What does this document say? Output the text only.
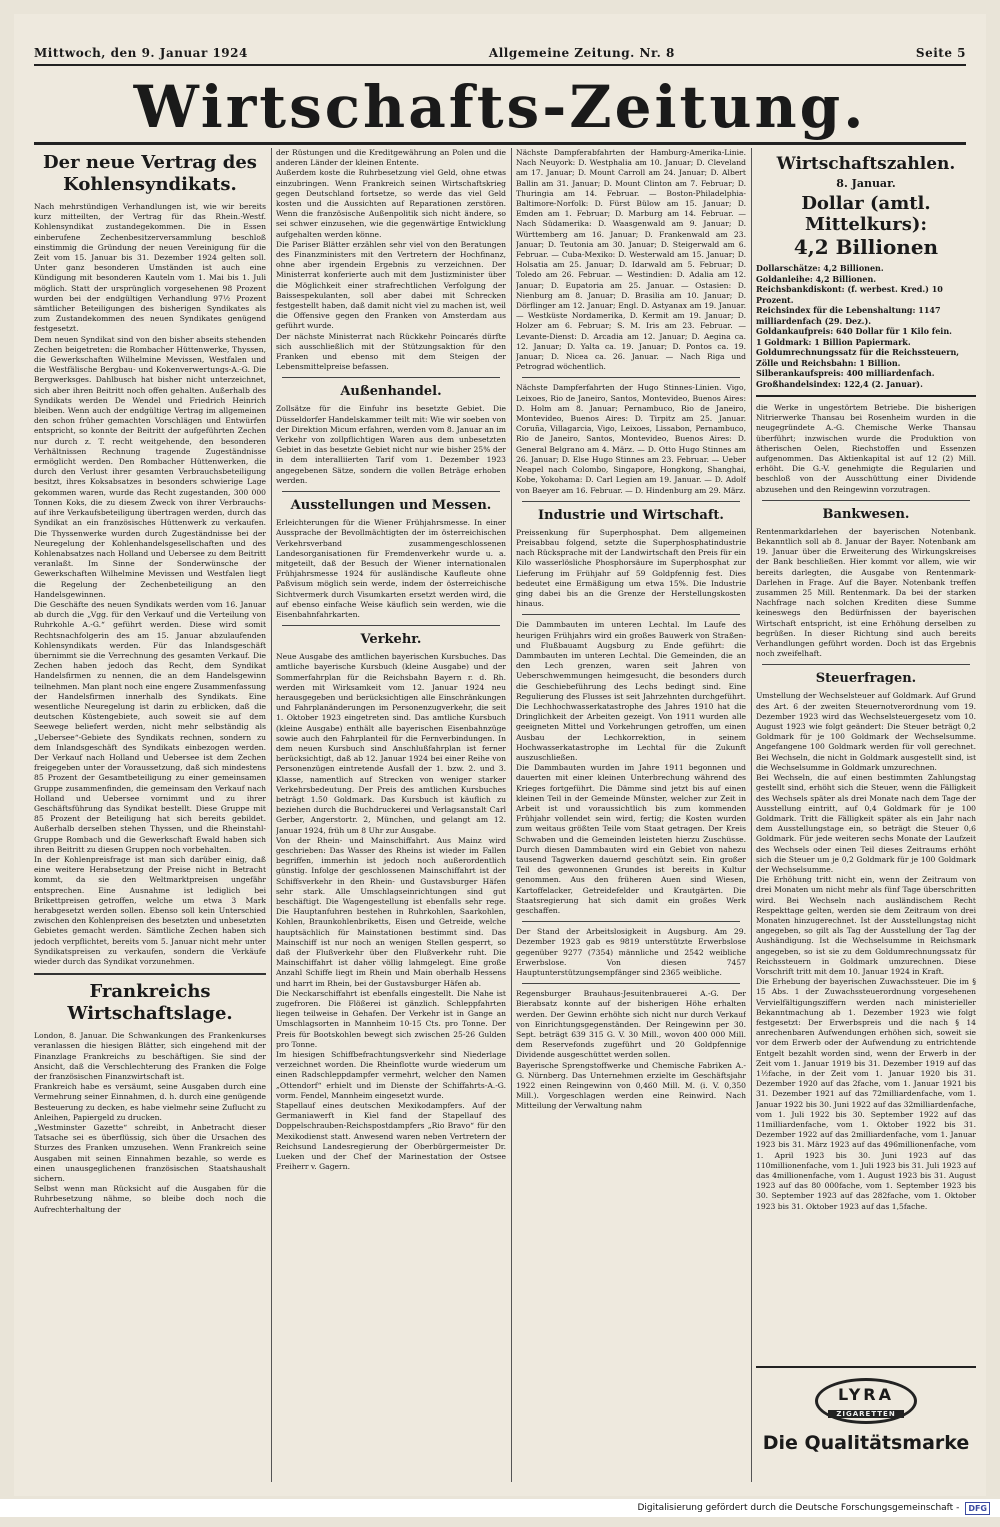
Mittwoch, den 9. Januar 1924	Allgemeine Zeitung. Nr. 8	Seite 5
Wirtschafts-Zeitung.
Der neue Vertrag des Kohlensyndikats.

Nach mehrstündigen Verhandlungen ist, wie wir bereits kurz mitteilten, der Vertrag für das Rhein.-Westf. Kohlensyndikat zustandegekommen. Die in Essen einberufene Zechenbesitzerversammlung beschloß einstimmig die Gründung der neuen Vereinigung für die Zeit vom 15. Januar bis 31. Dezember 1924 gelten soll. Unter ganz besonderen Umständen ist auch eine Kündigung mit besonderen Kauteln vom 1. Mai bis 1. Juli möglich. Statt der ursprünglich vorgesehenen 98 Prozent wurden bei der endgültigen Verhandlung 97½ Prozent sämtlicher Beteiligungen des bisherigen Syndikates als zum Zustandekommen des neuen Syndikates genügend festgesetzt.

Dem neuen Syndikat sind von den bisher abseits stehenden Zechen beigetreten: die Rombacher Hüttenwerke, Thyssen, die Gewerkschaften Wilhelmine Mevissen, Westfalen und die Westfälische Bergbau- und Kokenverwertungs-A.-G. Die Bergwerksges. Dahlbusch hat bisher nicht unterzeichnet, sich aber ihren Beitritt noch offen gehalten. Außerhalb des Syndikats werden De Wendel und Friedrich Heinrich bleiben. Wenn auch der endgültige Vertrag im allgemeinen den schon früher gemachten Vorschlägen und Entwürfen entspricht, so konnte der Beitritt der aufgeführten Zechen nur durch z. T. recht weitgehende, den besonderen Verhältnissen Rechnung tragende Zugeständnisse ermöglicht werden. Den Rombacher Hüttenwerken, die durch den Verlust ihrer gesamten Verbrauchsbeteiligung besitzt, ihres Koksabsatzes in besonders schwierige Lage gekommen waren, wurde das Recht zugestanden, 300 000 Tonnen Koks, die zu diesem Zweck von ihrer Verbrauchs- auf ihre Verkaufsbeteiligung übertragen werden, durch das Syndikat an ein französisches Hüttenwerk zu verkaufen. Die Thyssenwerke wurden durch Zugeständnisse bei der Neuregelung der Kohlenhandelsgesellschaften und des Kohlenabsatzes nach Holland und Uebersee zu dem Beitritt veranlaßt. Im Sinne der Sonderwünsche der Gewerkschaften Wilhelmine Mevissen und Westfalen liegt die Regelung der Zechenbeteiligung an den Handelsgewinnen.

Die Geschäfte des neuen Syndikats werden vom 16. Januar ab durch die „Vgg. für den Verkauf und die Verteilung von Ruhrkohle A.-G.“ geführt werden. Diese wird somit Rechtsnachfolgerin des am 15. Januar abzulaufenden Kohlensyndikats werden. Für das Inlandsgeschäft übernimmt sie die Verrechnung des gesamten Verkauf. Die Zechen haben jedoch das Recht, dem Syndikat Handelsfirmen zu nennen, die an dem Handelsgewinn teilnehmen. Man plant noch eine engere Zusammenfassung der Handelsfirmen innerhalb des Syndikats. Eine wesentliche Neuregelung ist darin zu erblicken, daß die deutschen Küstengebiete, auch soweit sie auf dem Seewege beliefert werden, nicht mehr selbständig als „Uebersee“-Gebiete des Syndikats rechnen, sondern zu dem Inlandsgeschäft des Syndikats einbezogen werden. Der Verkauf nach Holland und Uebersee ist dem Zechen freigegeben unter der Voraussetzung, daß sich mindestens 85 Prozent der Gesamtbeteiligung zu einer gemeinsamen Gruppe zusammenfinden, die gemeinsam den Verkauf nach Holland und Uebersee vornimmt und zu ihrer Geschäftsführung das Syndikat bestellt. Diese Gruppe mit 85 Prozent der Beteiligung hat sich bereits gebildet. Außerhalb derselben stehen Thyssen, und die Rheinstahl-Gruppe Rombach und die Gewerkschaft Ewald haben sich ihren Beitritt zu diesen Gruppen noch vorbehalten.

In der Kohlenpreisfrage ist man sich darüber einig, daß eine weitere Herabsetzung der Preise nicht in Betracht kommt, da sie den Weltmarktpreisen ungefähr entsprechen. Eine Ausnahme ist lediglich bei Brikettpreisen getroffen, welche um etwa 3 Mark herabgesetzt werden sollen. Ebenso soll kein Unterschied zwischen den Kohlenpreisen des besetzten und unbesetzten Gebietes gemacht werden. Sämtliche Zechen haben sich jedoch verpflichtet, bereits vom 5. Januar nicht mehr unter Syndikatspreisen zu verkaufen, sondern die Verkäufe wieder durch das Syndikat vorzunehmen.

Frankreichs Wirtschaftslage.

London, 8. Januar. Die Schwankungen des Frankenkurses veranlassen die hiesigen Blätter, sich eingehend mit der Finanzlage Frankreichs zu beschäftigen. Sie sind der Ansicht, daß die Verschlechterung des Franken die Folge der französischen Finanzwirtschaft ist.

Frankreich habe es versäumt, seine Ausgaben durch eine Vermehrung seiner Einnahmen, d. h. durch eine genügende Besteuerung zu decken, es habe vielmehr seine Zuflucht zu Anleihen, Papiergeld zu drucken.

„Westminster Gazette“ schreibt, in Anbetracht dieser Tatsache sei es überflüssig, sich über die Ursachen des Sturzes des Franken umzusehen. Wenn Frankreich seine Ausgaben mit seinen Einnahmen bezahle, so werde es einen unausgeglichenen französischen Staatshaushalt sichern.

Selbst wenn man Rücksicht auf die Ausgaben für die Ruhrbesetzung nähme, so bleibe doch noch die Aufrechterhaltung der

der Rüstungen und die Kreditgewährung an Polen und die anderen Länder der kleinen Entente.

Außerdem koste die Ruhrbesetzung viel Geld, ohne etwas einzubringen. Wenn Frankreich seinen Wirtschaftskrieg gegen Deutschland fortsetze, so werde das viel Geld kosten und die Aussichten auf Reparationen zerstören. Wenn die französische Außenpolitik sich nicht ändere, so sei schwer einzusehen, wie die gegenwärtige Entwicklung aufgehalten werden könne.

Die Pariser Blätter erzählen sehr viel von den Beratungen des Finanzministers mit den Vertretern der Hochfinanz, ohne aber irgendein Ergebnis zu verzeichnen. Der Ministerrat konferierte auch mit dem Justizminister über die Möglichkeit einer strafrechtlichen Verfolgung der Baissespekulanten, soll aber dabei mit Schrecken festgestellt haben, daß damit nicht viel zu machen ist, weil die Offensive gegen den Franken von Amsterdam aus geführt wurde.

Der nächste Ministerrat nach Rückkehr Poincarés dürfte sich ausschließlich mit der Stützungsaktion für den Franken und ebenso mit dem Steigen der Lebensmittelpreise befassen.

Außenhandel.

Zollsätze für die Einfuhr ins besetzte Gebiet. Die Düsseldorfer Handelskammer teilt mit: Wie wir soeben von der Direktion Micum erfahren, werden vom 8. Januar an im Verkehr von zollpflichtigen Waren aus dem unbesetzten Gebiet in das besetzte Gebiet nicht nur wie bisher 25% der in dem interalliierten Tarif vom 1. Dezember 1923 angegebenen Sätze, sondern die vollen Beträge erhoben werden.

Ausstellungen und Messen.

Erleichterungen für die Wiener Frühjahrsmesse. In einer Aussprache der Bevollmächtigten der im österreichischen Verkehrsverband zusammengeschlossenen Landesorganisationen für Fremdenverkehr wurde u. a. mitgeteilt, daß der Besuch der Wiener internationalen Frühjahrsmesse 1924 für ausländische Kaufleute ohne Paßvisum möglich sein werde, indem der österreichische Sichtvermerk durch Visumkarten ersetzt werden wird, die auf ebenso einfache Weise käuflich sein werden, wie die Eisenbahnfahrkarten.

Verkehr.

Neue Ausgabe des amtlichen bayerischen Kursbuches. Das amtliche bayerische Kursbuch (kleine Ausgabe) und der Sommerfahrplan für die Reichsbahn Bayern r. d. Rh. werden mit Wirksamkeit vom 12. Januar 1924 neu herausgegeben und berücksichtigen alle Einschränkungen und Fahrplanänderungen im Personenzugverkehr, die seit 1. Oktober 1923 eingetreten sind. Das amtliche Kursbuch (kleine Ausgabe) enthält alle bayerischen Eisenbahnzüge sowie auch den Fahrplanteil für die Fernverbindungen. In dem neuen Kursbuch sind Anschlußfahrplan ist ferner berücksichtigt, daß ab 12. Januar 1924 bei einer Reihe von Personenzügen eintretende Ausfall der 1. bzw. 2. und 3. Klasse, namentlich auf Strecken von weniger starker Verkehrsbedeutung. Der Preis des amtlichen Kursbuches beträgt 1.50 Goldmark. Das Kursbuch ist käuflich zu beziehen durch die Buchdruckerei und Verlagsanstalt Carl Gerber, Angerstortr. 2, München, und gelangt am 12. Januar 1924, früh um 8 Uhr zur Ausgabe.

Von der Rhein- und Mainschiffahrt. Aus Mainz wird geschrieben: Das Wasser des Rheins ist wieder im Fallen begriffen, immerhin ist jedoch noch außerordentlich günstig. Infolge der geschlossenen Mainschiffahrt ist der Schiffsverkehr in den Rhein- und Gustavsburger Häfen sehr stark. Alle Umschlagseinrichtungen sind gut beschäftigt. Die Wagengestellung ist ebenfalls sehr rege. Die Hauptanfuhren bestehen in Ruhrkohlen, Saarkohlen, Kohlen, Braunkohlenbriketts, Eisen und Getreide, welche hauptsächlich für Mainstationen bestimmt sind. Das Mainschiff ist nur noch an wenigen Stellen gesperrt, so daß der Flußverkehr über den Flußverkehr ruht. Die Mainschiffahrt ist daher völlig lahmgelegt. Eine große Anzahl Schiffe liegt im Rhein und Main oberhalb Hessens und harrt im Rhein, bei der Gustavsburger Häfen ab.

Die Neckarschiffahrt ist ebenfalls eingestellt. Die Nahe ist zugefroren. Die Flößerei ist gänzlich. Schleppfahrten liegen teilweise in Gehafen. Der Verkehr ist in Gange an Umschlagsorten in Mannheim 10-15 Cts. pro Tonne. Der Preis für Bootskohlen bewegt sich zwischen 25-26 Gulden pro Tonne.

Im hiesigen Schiffbefrachtungsverkehr sind Niederlage verzeichnet worden. Die Rheinflotte wurde wiederum um einen Radschleppdampfer vermehrt, welcher den Namen „Ottendorf“ erhielt und im Dienste der Schiffahrts-A.-G. vorm. Fendel, Mannheim eingesetzt wurde.

Stapellauf eines deutschen Mexikodampfers. Auf der Germaniawerft in Kiel fand der Stapellauf des Doppelschrauben-Reichspostdampfers „Rio Bravo“ für den Mexikodienst statt. Anwesend waren neben Vertretern der Reichsund Landesregierung der Oberbürgermeister Dr. Lueken und der Chef der Marinestation der Ostsee Freiherr v. Gagern.

Nächste Dampferabfahrten der Hamburg-Amerika-Linie. Nach Neuyork: D. Westphalia am 10. Januar; D. Cleveland am 17. Januar; D. Mount Carroll am 24. Januar; D. Albert Ballin am 31. Januar; D. Mount Clinton am 7. Februar; D. Thuringia am 14. Februar. — Boston-Philadelphia-Baltimore-Norfolk: D. Fürst Bülow am 15. Januar; D. Emden am 1. Februar; D. Marburg am 14. Februar. — Nach Südamerika: D. Waasgenwald am 9. Januar; D. Württemberg am 16. Januar; D. Frankenwald am 23. Januar; D. Teutonia am 30. Januar; D. Steigerwald am 6. Februar. — Cuba-Mexiko: D. Westerwald am 15. Januar; D. Holsatia am 25. Januar; D. Idarwald am 5. Februar; D. Toledo am 26. Februar. — Westindien: D. Adalia am 12. Januar; D. Eupatoria am 25. Januar. — Ostasien: D. Nienburg am 8. Januar; D. Brasilia am 10. Januar; D. Dörflinger am 12. Januar; Engl. D. Astyanax am 19. Januar. — Westküste Nordamerika, D. Kermit am 19. Januar; D. Holzer am 6. Februar; S. M. Iris am 23. Februar. — Levante-Dienst: D. Arcadia am 12. Januar; D. Aegina ca. 12. Januar; D. Yalta ca. 19. Januar; D. Pontos ca. 19. Januar; D. Nicea ca. 26. Januar. — Nach Riga und Petrograd wöchentlich.

Nächste Dampferfahrten der Hugo Stinnes-Linien. Vigo, Leixoes, Rio de Janeiro, Santos, Montevideo, Buenos Aires: D. Holm am 8. Januar; Pernambuco, Rio de Janeiro, Montevideo, Buenos Aires: D. Tirpitz am 25. Januar. Coruña, Villagarcia, Vigo, Leixoes, Lissabon, Pernambuco, Rio de Janeiro, Santos, Montevideo, Buenos Aires: D. General Belgrano am 4. März. — D. Otto Hugo Stinnes am 26. Januar; D. Else Hugo Stinnes am 23. Februar. — Ueber Neapel nach Colombo, Singapore, Hongkong, Shanghai, Kobe, Yokohama: D. Carl Legien am 19. Januar. — D. Adolf von Baeyer am 16. Februar. — D. Hindenburg am 29. März.

Industrie und Wirtschaft.

Preissenkung für Superphosphat. Dem allgemeinen Preisabbau folgend, setzte die Superphosphatindustrie nach Rücksprache mit der Landwirtschaft den Preis für ein Kilo wasserlösliche Phosphorsäure im Superphosphat zur Lieferung im Frühjahr auf 59 Goldpfennig fest. Dies bedeutet eine Ermäßigung um etwa 15%. Die Industrie ging dabei bis an die Grenze der Herstellungskosten hinaus.

Die Dammbauten im unteren Lechtal. Im Laufe des heurigen Frühjahrs wird ein großes Bauwerk von Straßen- und Flußbauamt Augsburg zu Ende geführt: die Dammbauten im unteren Lechtal. Die Gemeinden, die an den Lech grenzen, waren seit Jahren von Ueberschwemmungen heimgesucht, die besonders durch die Geschiebeführung des Lechs bedingt sind. Eine Regulierung des Flusses ist seit Jahrzehnten durchgeführt. Die Lechhochwasserkatastrophe des Jahres 1910 hat die Dringlichkeit der Arbeiten gezeigt. Von 1911 wurden alle geeigneten Mittel und Vorkehrungen getroffen, um einen Ausbau der Lechkorrektion, in seinem Hochwasserkatastrophe im Lechtal für die Zukunft auszuschließen.

Die Dammbauten wurden im Jahre 1911 begonnen und dauerten mit einer kleinen Unterbrechung während des Krieges fortgeführt. Die Dämme sind jetzt bis auf einen kleinen Teil in der Gemeinde Münster, welcher zur Zeit in Arbeit ist und voraussichtlich bis zum kommenden Frühjahr vollendet sein wird, fertig; die Kosten wurden zum weitaus größten Teile vom Staat getragen. Der Kreis Schwaben und die Gemeinden leisteten hierzu Zuschüsse. Durch diesen Dammbauten wird ein Gebiet von nahezu tausend Tagwerken dauernd geschützt sein. Ein großer Teil des gewonnenen Grundes ist bereits in Kultur genommen. Aus den früheren Auen sind Wiesen, Kartoffelacker, Getreidefelder und Krautgärten. Die Staatsregierung hat sich damit ein großes Werk geschaffen.

Der Stand der Arbeitslosigkeit in Augsburg. Am 29. Dezember 1923 gab es 9819 unterstützte Erwerbslose gegenüber 9277 (7354) männliche und 2542 weibliche Erwerbslose. Von diesen 7457 Hauptunterstützungsempfänger sind 2365 weibliche.

Regensburger Brauhaus-Jesuitenbrauerei A.-G. Der Bierabsatz konnte auf der bisherigen Höhe erhalten werden. Der Gewinn erhöhte sich nicht nur durch Verkauf von Einrichtungsgegenständen. Der Reingewinn per 30. Sept. beträgt 639 315 G. V. 30 Mill., wovon 400 000 Mill. dem Reservefonds zugeführt und 20 Goldpfennige Dividende ausgeschüttet werden sollen.

Bayerische Sprengstoffwerke und Chemische Fabriken A.-G. Nürnberg. Das Unternehmen erzielte im Geschäftsjahr 1922 einen Reingewinn von 0,460 Mill. M. (i. V. 0,350 Mill.). Vorgeschlagen werden eine Reinwird. Nach Mitteilung der Verwaltung nahm

Wirtschaftszahlen.
8. Januar.
Dollar (amtl. Mittelkurs):
4,2 Billionen
Dollarschätze: 4,2 Billionen.
Goldanleihe: 4,2 Billionen.
Reichsbankdiskont: (f. werbest. Kred.) 10 Prozent.
Reichsindex für die Lebenshaltung: 1147 milliardenfach (29. Dez.).
Goldankaufpreis: 640 Dollar für 1 Kilo fein.
1 Goldmark: 1 Billion Papiermark.
Goldumrechnungssatz für die Reichssteuern, Zölle und Reichsbahn: 1 Billion.
Silberankaufspreis: 400 milliardenfach.
Großhandelsindex: 122,4 (2. Januar).

die Werke in ungestörtem Betriebe. Die bisherigen Nitrierwerke Thansau bei Rosenheim wurden in die neugegründete A.-G. Chemische Werke Thansau überführt; inzwischen wurde die Produktion von ätherischen Oelen, Riechstoffen und Essenzen aufgenommen. Das Aktienkapital ist auf 12 (2) Mill. erhöht. Die G.-V. genehmigte die Regularien und beschloß von der Ausschüttung einer Dividende abzusehen und den Reingewinn vorzutragen.

Bankwesen.

Rentenmarkdarlehen der bayerischen Notenbank. Bekanntlich soll ab 8. Januar der Bayer. Notenbank am 19. Januar über die Erweiterung des Wirkungskreises der Bank beschließen. Hier kommt vor allem, wie wir bereits darlegten, die Ausgabe von Rentenmark-Darlehen in Frage. Auf die Bayer. Notenbank treffen zusammen 25 Mill. Rentenmark. Da bei der starken Nachfrage nach solchen Krediten diese Summe keineswegs den Bedürfnissen der bayerischen Wirtschaft entspricht, ist eine Erhöhung derselben zu begrüßen. In dieser Richtung sind auch bereits Verhandlungen geführt worden. Doch ist das Ergebnis noch zweifelhaft.

Steuerfragen.

Umstellung der Wechselsteuer auf Goldmark. Auf Grund des Art. 6 der zweiten Steuernotverordnung vom 19. Dezember 1923 wird das Wechselsteuergesetz vom 10. August 1923 wie folgt geändert: Die Steuer beträgt 0,2 Goldmark für je 100 Goldmark der Wechselsumme. Angefangene 100 Goldmark werden für voll gerechnet. Bei Wechseln, die nicht in Goldmark ausgestellt sind, ist die Wechselsumme in Goldmark umzurechnen.

Bei Wechseln, die auf einen bestimmten Zahlungstag gestellt sind, erhöht sich die Steuer, wenn die Fälligkeit des Wechsels später als drei Monate nach dem Tage der Ausstellung eintritt, auf 0,4 Goldmark für je 100 Goldmark. Tritt die Fälligkeit später als ein Jahr nach dem Ausstellungstage ein, so beträgt die Steuer 0,6 Goldmark. Für jede weiteren sechs Monate der Laufzeit des Wechsels oder einen Teil dieses Zeitraums erhöht sich die Steuer um je 0,2 Goldmark für je 100 Goldmark der Wechselsumme.

Die Erhöhung tritt nicht ein, wenn der Zeitraum von drei Monaten um nicht mehr als fünf Tage überschritten wird. Bei Wechseln nach ausländischem Recht Respekttage gelten, werden sie dem Zeitraum von drei Monaten hinzugerechnet. Ist der Ausstellungstag nicht angegeben, so gilt als Tag der Ausstellung der Tag der Aushändigung. Ist die Wechselsumme in Reichsmark angegeben, so ist sie zu dem Goldumrechnungssatz für Reichssteuern in Goldmark umzurechnen. Diese Vorschrift tritt mit dem 10. Januar 1924 in Kraft.

Die Erhebung der bayerischen Zuwachssteuer. Die im § 15 Abs. 1 der Zuwachssteuerordnung vorgesehenen Vervielfältigungsziffern werden nach ministerieller Bekanntmachung ab 1. Dezember 1923 wie folgt festgesetzt: Der Erwerbspreis und die nach § 14 anrechenbaren Aufwendungen erhöhen sich, soweit sie vor dem Erwerb oder der Aufwendung zu entrichtende Entgelt bezahlt worden sind, wenn der Erwerb in der Zeit vom 1. Januar 1919 bis 31. Dezember 1919 auf das 1½fache, in der Zeit vom 1. Januar 1920 bis 31. Dezember 1920 auf das 2fache, vom 1. Januar 1921 bis 31. Dezember 1921 auf das 72milliardenfache, vom 1. Januar 1922 bis 30. Juni 1922 auf das 32milliardenfache, vom 1. Juli 1922 bis 30. September 1922 auf das 11milliardenfache, vom 1. Oktober 1922 bis 31. Dezember 1922 auf das 2milliardenfache, vom 1. Januar 1923 bis 31. März 1923 auf das 496millionenfache, vom 1. April 1923 bis 30. Juni 1923 auf das 110millionenfache, vom 1. Juli 1923 bis 31. Juli 1923 auf das 4millionenfache, vom 1. August 1923 bis 31. August 1923 auf das 80 000fache, vom 1. September 1923 bis 30. September 1923 auf das 282fache, vom 1. Oktober 1923 bis 31. Oktober 1923 auf das 1,5fache.

LYRA
ZIGARETTEN
Die Qualitätsmarke
Digitalisierung gefördert durch die Deutsche Forschungsgemeinschaft -	DFG
